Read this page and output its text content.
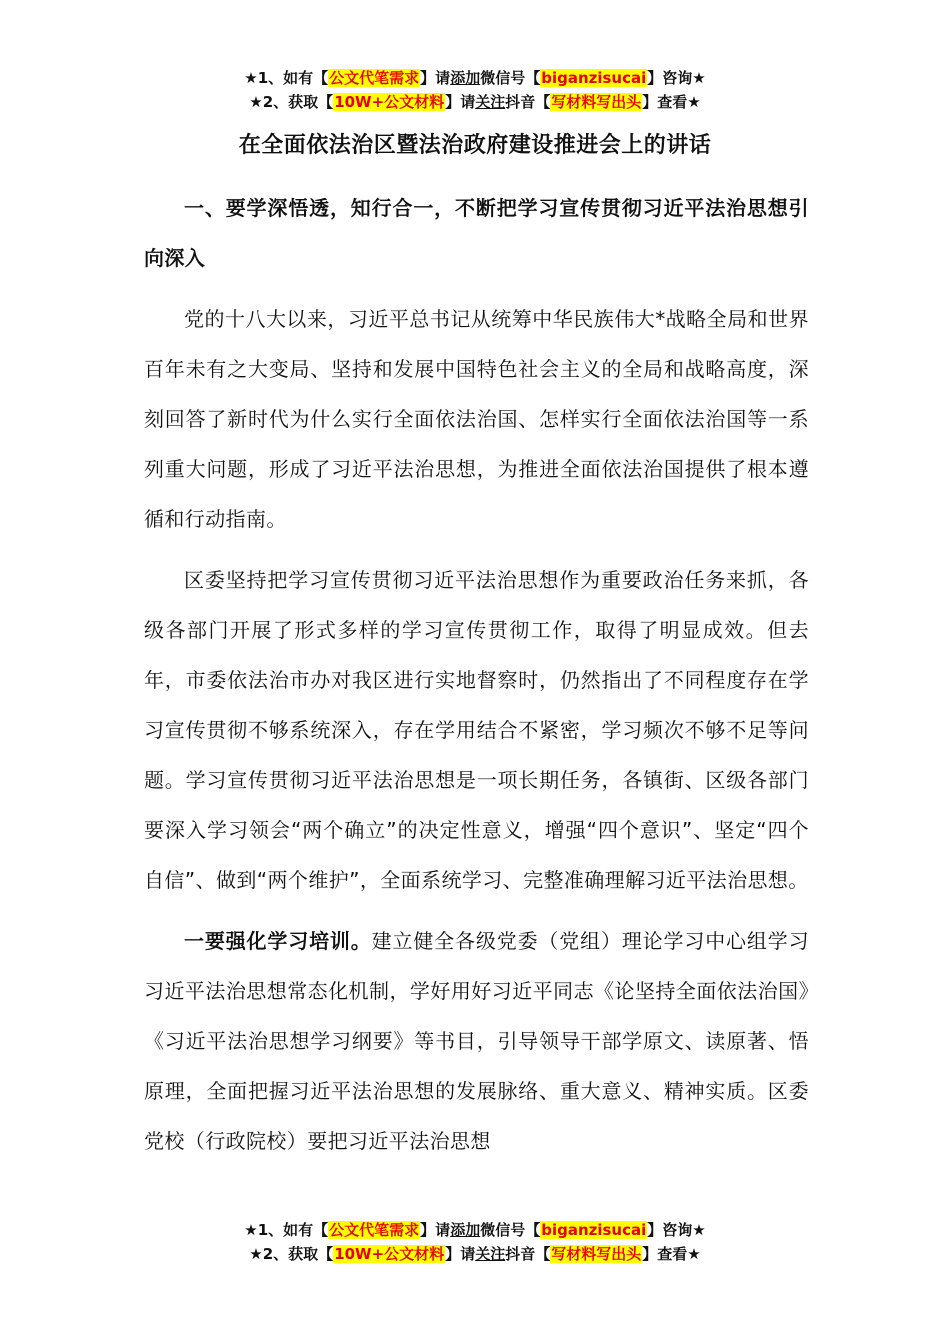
★1、如有【公文代笔需求】请添加微信号【biganzisucai】咨询★
★2、获取【10W+公文材料】请关注抖音【写材料写出头】查看★
在全面依法治区暨法治政府建设推进会上的讲话

一、要学深悟透，知行合一，不断把学习宣传贯彻习近平法治思想引向深入

党的十八大以来，习近平总书记从统筹中华民族伟大*战略全局和世界百年未有之大变局、坚持和发展中国特色社会主义的全局和战略高度，深刻回答了新时代为什么实行全面依法治国、怎样实行全面依法治国等一系列重大问题，形成了习近平法治思想，为推进全面依法治国提供了根本遵循和行动指南。

区委坚持把学习宣传贯彻习近平法治思想作为重要政治任务来抓，各级各部门开展了形式多样的学习宣传贯彻工作，取得了明显成效。但去年，市委依法治市办对我区进行实地督察时，仍然指出了不同程度存在学习宣传贯彻不够系统深入，存在学用结合不紧密，学习频次不够不足等问题。学习宣传贯彻习近平法治思想是一项长期任务，各镇街、区级各部门要深入学习领会“两个确立”的决定性意义，增强“四个意识”、坚定“四个自信”、做到“两个维护”，全面系统学习、完整准确理解习近平法治思想。

一要强化学习培训。建立健全各级党委（党组）理论学习中心组学习习近平法治思想常态化机制，学好用好习近平同志《论坚持全面依法治国》《习近平法治思想学习纲要》等书目，引导领导干部学原文、读原著、悟原理，全面把握习近平法治思想的发展脉络、重大意义、精神实质。区委党校（行政院校）要把习近平法治思想

★1、如有【公文代笔需求】请添加微信号【biganzisucai】咨询★
★2、获取【10W+公文材料】请关注抖音【写材料写出头】查看★
